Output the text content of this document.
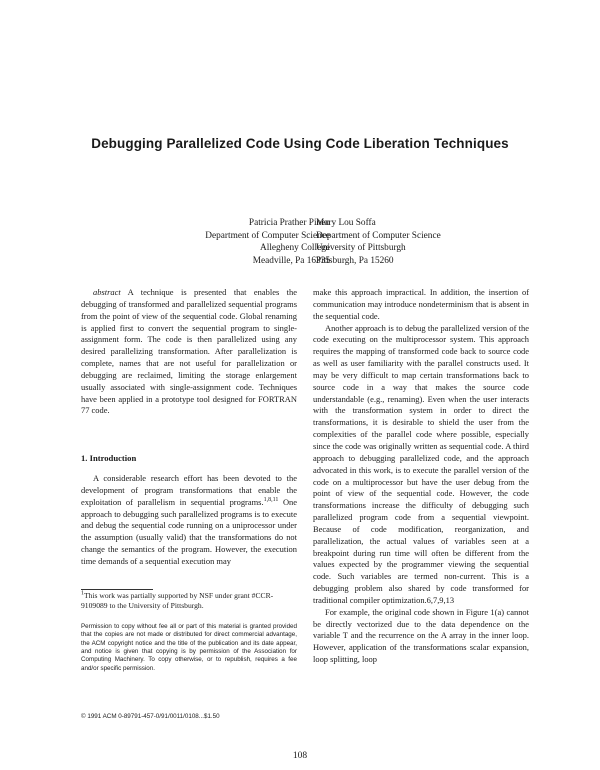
Debugging Parallelized Code Using Code Liberation Techniques
Patricia Prather Pineo
Department of Computer Science
Allegheny College
Meadville, Pa 16335
Mary Lou Soffa
Department of Computer Science
University of Pittsburgh
Pittsburgh, Pa 15260

abstract A technique is presented that enables the debugging of transformed and parallelized sequential programs from the point of view of the sequential code. Global renaming is applied first to convert the sequential program to single-assignment form. The code is then parallelized using any desired parallelizing transformation. After parallelization is complete, names that are not useful for parallelization or debugging are reclaimed, limiting the storage enlargement usually associated with single-assignment code. Techniques have been applied in a prototype tool designed for FORTRAN 77 code.

1. Introduction

A considerable research effort has been devoted to the development of program transformations that enable the exploitation of parallelism in sequential programs.$^{1,8,11}$ One approach to debugging such parallelized programs is to execute and debug the sequential code running on a uniprocessor under the assumption (usually valid) that the transformations do not change the semantics of the program. However, the execution time demands of a sequential execution may

make this approach impractical. In addition, the insertion of communication may introduce nondeterminism that is absent in the sequential code.

Another approach is to debug the parallelized version of the code executing on the multiprocessor system. This approach requires the mapping of transformed code back to source code as well as user familiarity with the parallel constructs used. It may be very difficult to map certain transformations back to source code in a way that makes the source code understandable (e.g., renaming). Even when the user interacts with the transformation system in order to direct the transformations, it is desirable to shield the user from the complexities of the parallel code where possible, especially since the code was originally written as sequential code. A third approach to debugging parallelized code, and the approach advocated in this work, is to execute the parallel version of the code on a multiprocessor but have the user debug from the point of view of the sequential code. However, the code transformations increase the difficulty of debugging such parallelized program code from a sequential viewpoint. Because of code modification, reorganization, and parallelization, the actual values of variables seen at a breakpoint during run time will often be different from the values expected by the programmer viewing the sequential code. Such variables are termed non-current. This is a debugging problem also shared by code transformed for traditional compiler optimization.6,7,9,13

For example, the original code shown in Figure 1(a) cannot be directly vectorized due to the data dependence on the variable T and the recurrence on the A array in the inner loop. However, application of the transformations scalar expansion, loop splitting, loop

$^1$This work was partially supported by NSF under grant #CCR-9109089 to the University of Pittsburgh.
Permission to copy without fee all or part of this material is granted provided that the copies are not made or distributed for direct commercial advantage, the ACM copyright notice and the title of the publication and its date appear, and notice is given that copying is by permission of the Association for Computing Machinery. To copy otherwise, or to republish, requires a fee and/or specific permission.
© 1991 ACM 0-89791-457-0/91/0011/0108...$1.50
108
